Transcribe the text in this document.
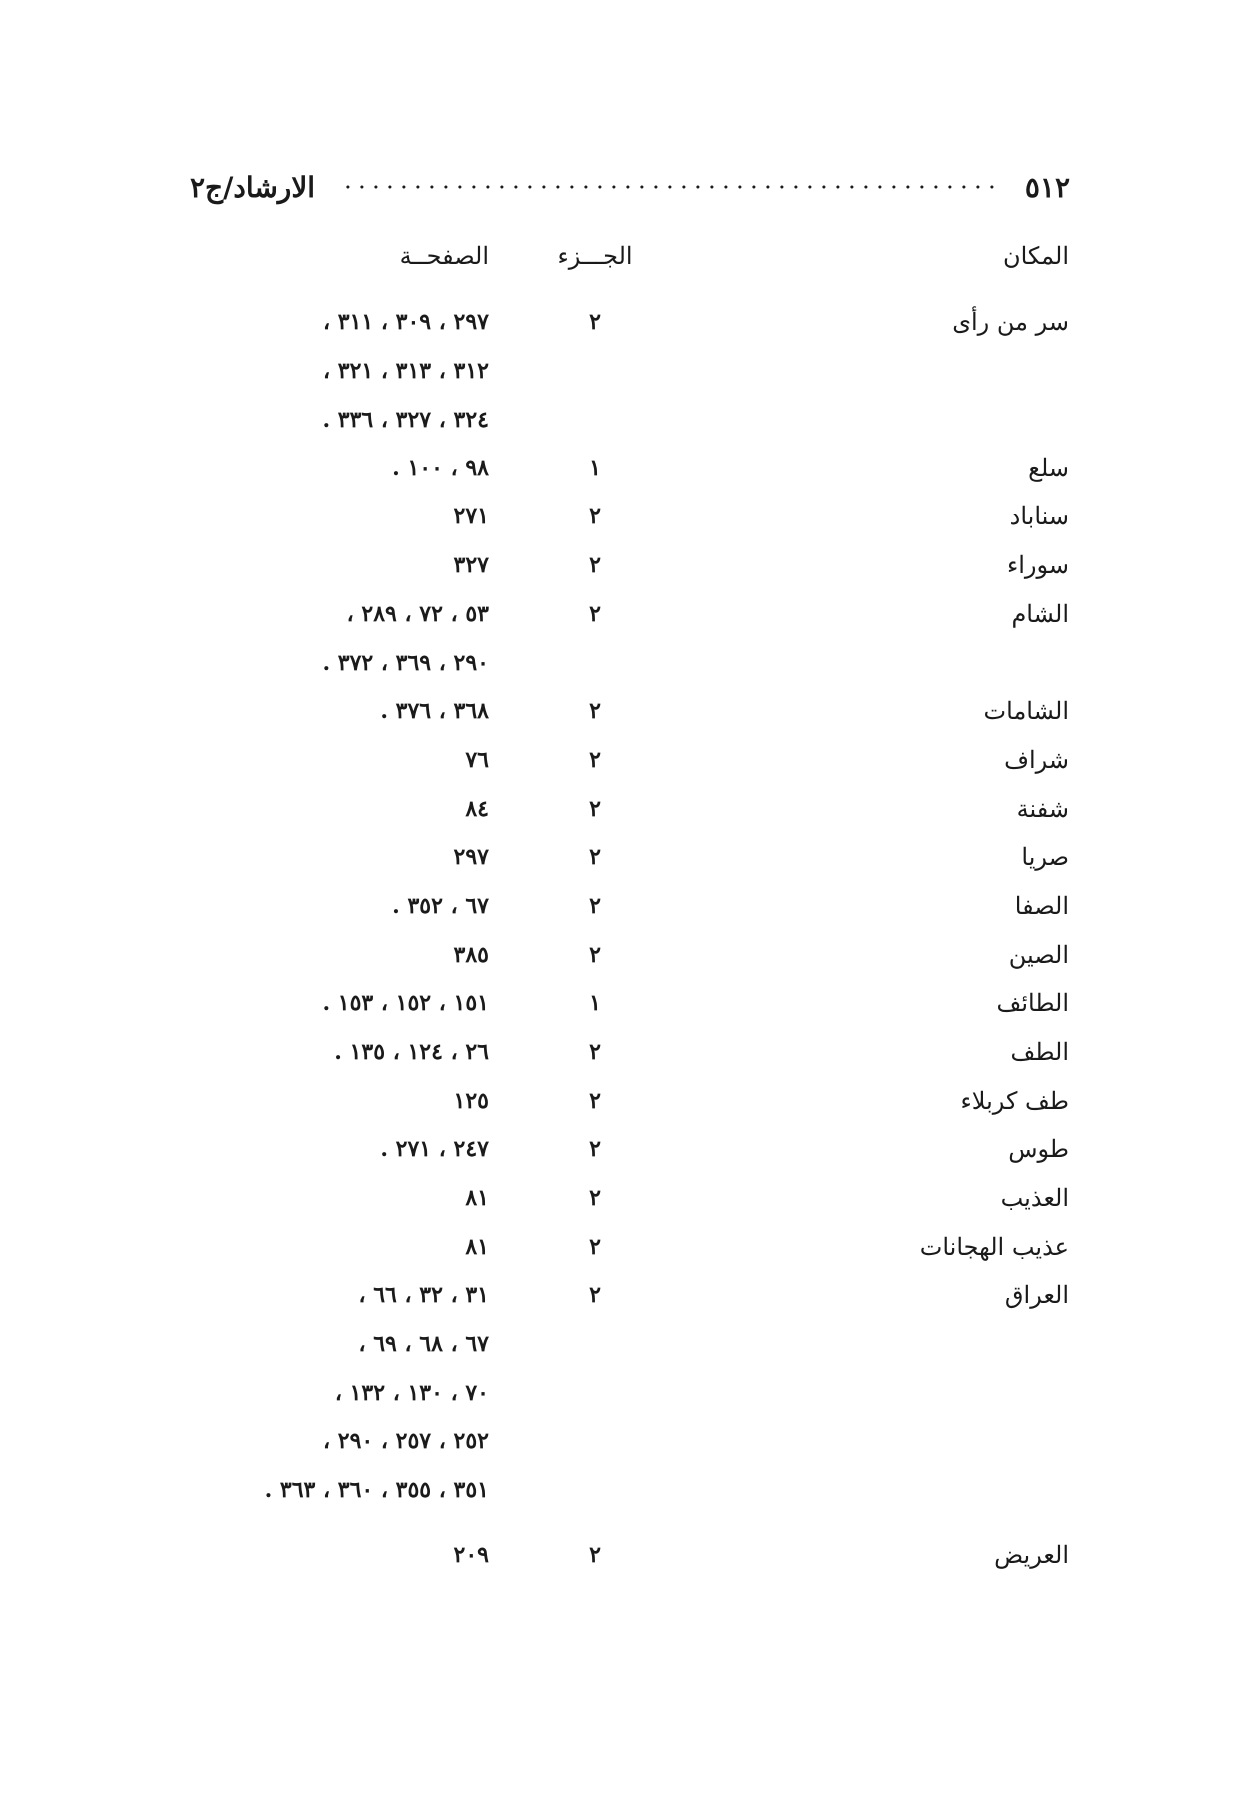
٥١٢
الارشاد/ج٢
المكان
الجـــزء
الصفحــة
سر من رأى
٢
٢٩٧ ، ٣٠٩ ، ٣١١ ،
٣١٢ ، ٣١٣ ، ٣٢١ ،
٣٢٤ ، ٣٢٧ ، ٣٣٦ .
سلع
١
٩٨ ، ١٠٠ .
سناباد
٢
٢٧١
سوراء
٢
٣٢٧
الشام
٢
٥٣ ، ٧٢ ، ٢٨٩ ،
٢٩٠ ، ٣٦٩ ، ٣٧٢ .
الشامات
٢
٣٦٨ ، ٣٧٦ .
شراف
٢
٧٦
شفنة
٢
٨٤
صريا
٢
٢٩٧
الصفا
٢
٦٧ ، ٣٥٢ .
الصين
٢
٣٨٥
الطائف
١
١٥١ ، ١٥٢ ، ١٥٣ .
الطف
٢
٢٦ ، ١٢٤ ، ١٣٥ .
طف كربلاء
٢
١٢٥
طوس
٢
٢٤٧ ، ٢٧١ .
العذيب
٢
٨١
عذيب الهجانات
٢
٨١
العراق
٢
٣١ ، ٣٢ ، ٦٦ ،
٦٧ ، ٦٨ ، ٦٩ ،
٧٠ ، ١٣٠ ، ١٣٢ ،
٢٥٢ ، ٢٥٧ ، ٢٩٠ ،
٣٥١ ، ٣٥٥ ، ٣٦٠ ، ٣٦٣ .
العريض
٢
٢٠٩
